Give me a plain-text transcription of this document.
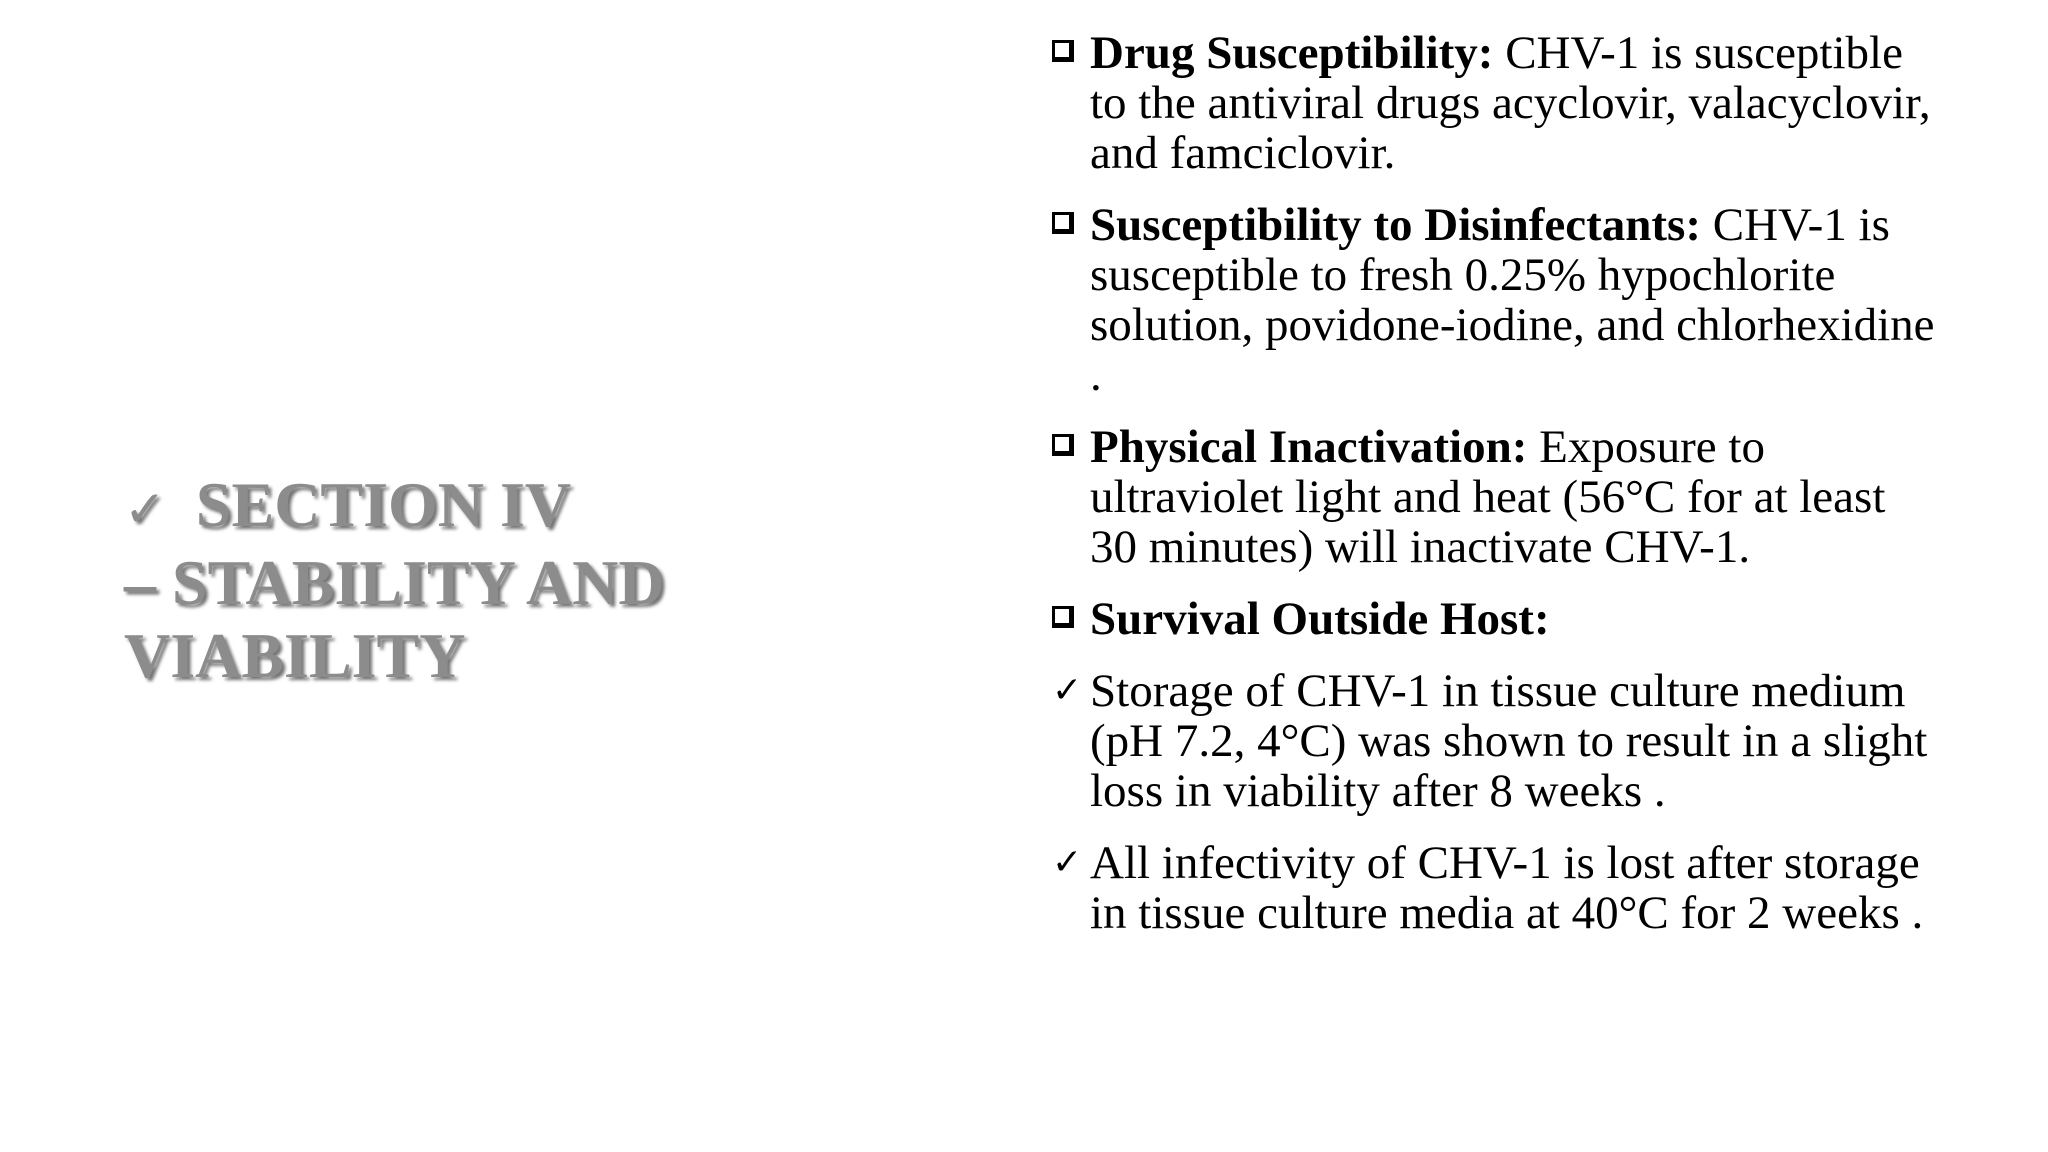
✓ SECTION IV
– STABILITY AND
VIABILITY
Drug Susceptibility: CHV-1 is susceptible to the antiviral drugs acyclovir, valacyclovir, and famciclovir.
Susceptibility to Disinfectants: CHV-1 is susceptible to fresh 0.25% hypochlorite solution, povidone-iodine, and chlorhexidine .
Physical Inactivation: Exposure to ultraviolet light and heat (56°C for at least 30 minutes) will inactivate CHV-1.
Survival Outside Host:
✓ Storage of CHV-1 in tissue culture medium (pH 7.2, 4°C) was shown to result in a slight loss in viability after 8 weeks .
✓ All infectivity of CHV-1 is lost after storage in tissue culture media at 40°C for 2 weeks .
